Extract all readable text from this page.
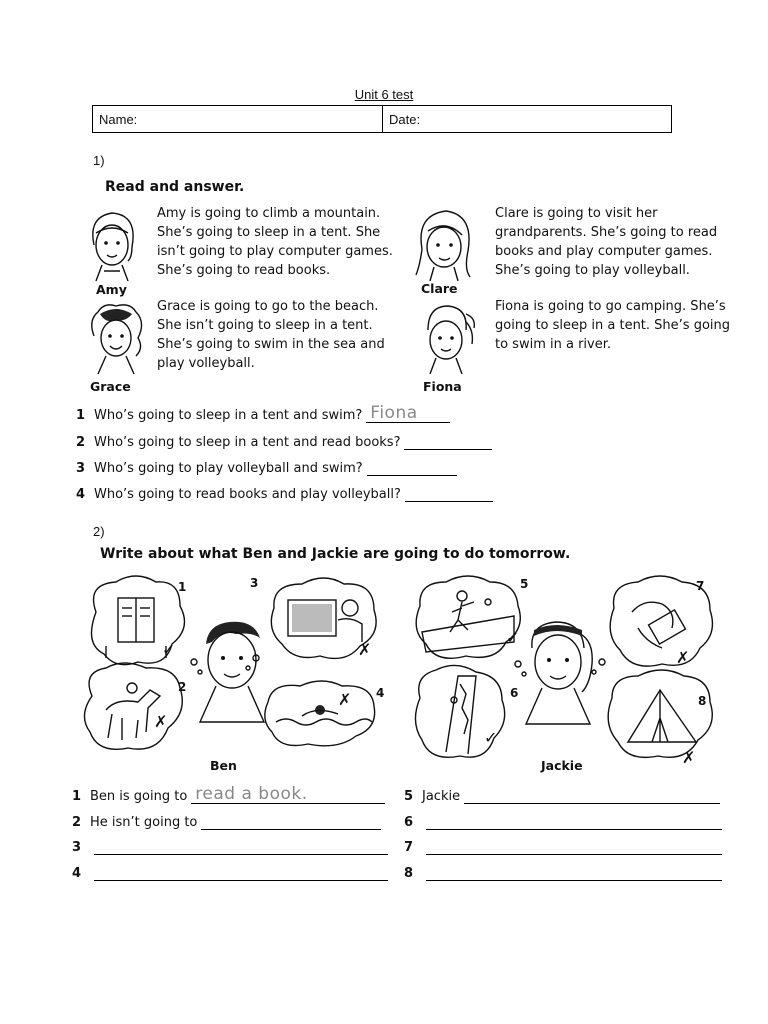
Unit 6 test
Name:	Date:
1)
Read and answer.
Amy
Amy is going to climb a mountain.
She’s going to sleep in a tent. She
isn’t going to play computer games.
She’s going to read books.
Clare
Clare is going to visit her
grandparents. She’s going to read
books and play computer games.
She’s going to play volleyball.
Grace
Grace is going to go to the beach.
She isn’t going to sleep in a tent.
She’s going to swim in the sea and
play volleyball.
Fiona
Fiona is going to go camping. She’s
going to sleep in a tent. She’s going
to swim in a river.
1 Who’s going to sleep in a tent and swim? Fiona
2 Who’s going to sleep in a tent and read books?
3 Who’s going to play volleyball and swim?
4 Who’s going to read books and play volleyball?
2)
Write about what Ben and Jackie are going to do tomorrow.
3
1
2	4
✓
✗
✗
✗
Ben
5
6
7
8
✓
✓
✗
✗
Jackie
1 Ben is going to read a book.
2 He isn’t going to
3
4
5 Jackie
6
7
8
